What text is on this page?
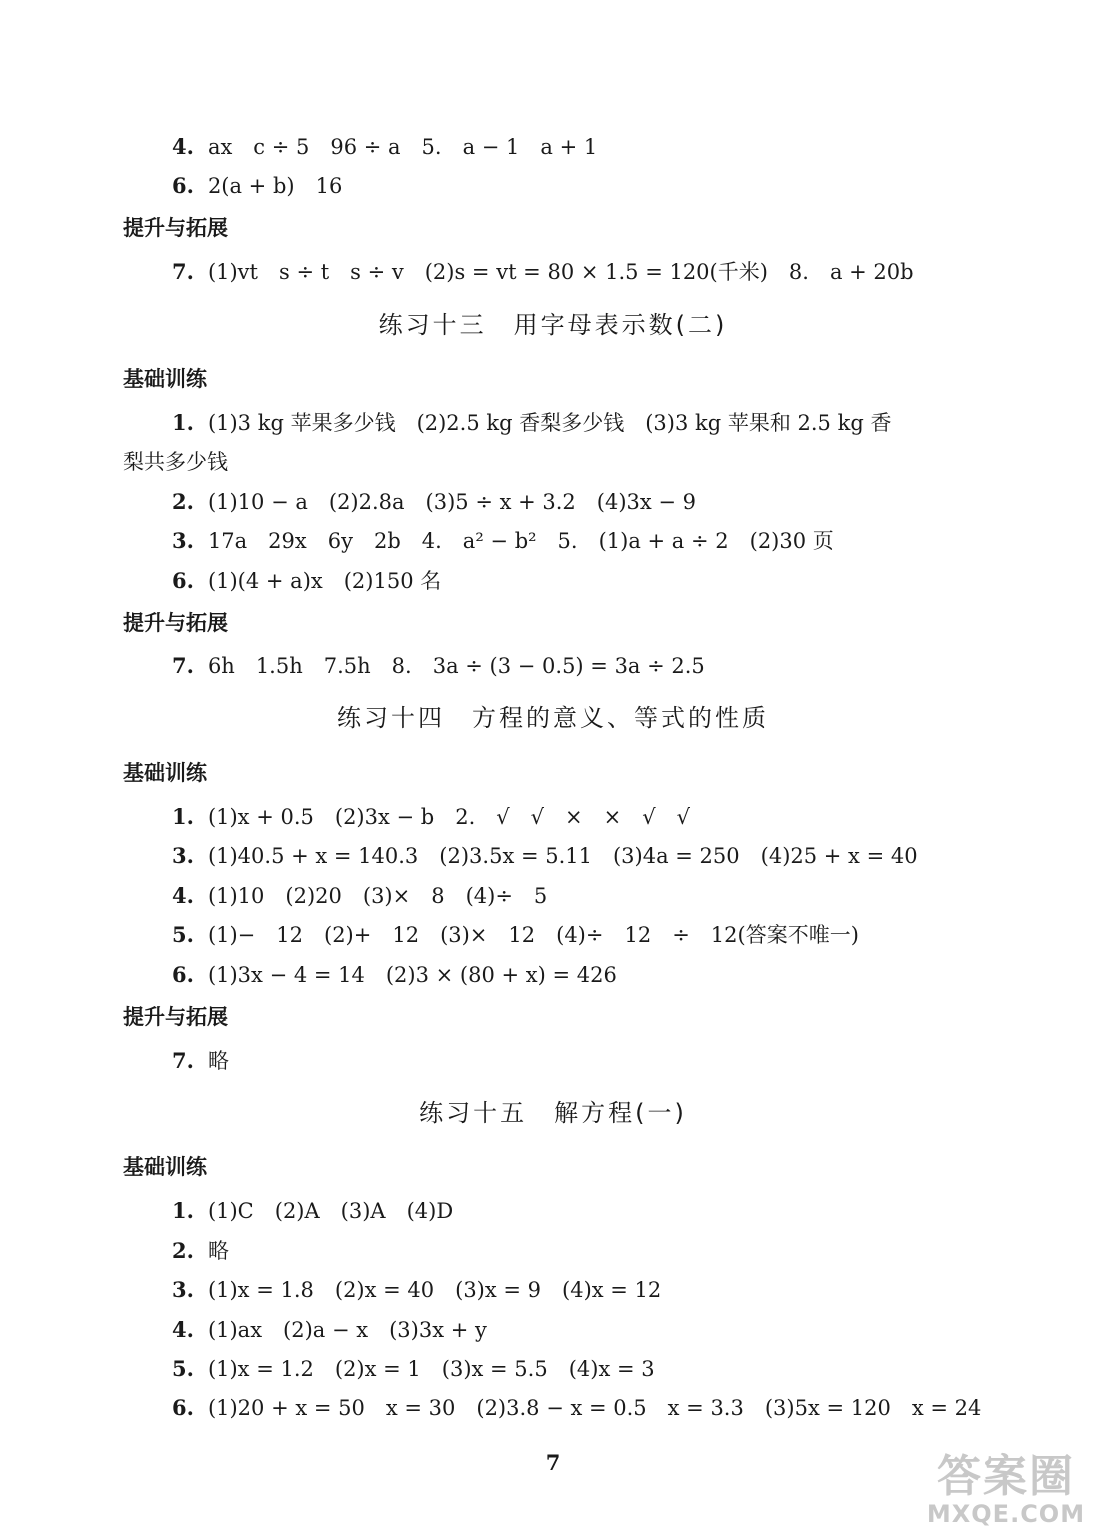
4. ax　c ÷ 5　96 ÷ a　5.　a − 1　a + 1
6. 2(a + b)　16
提升与拓展
7. (1)vt　s ÷ t　s ÷ v　(2)s = vt = 80 × 1.5 = 120(千米)　8.　a + 20b
练习十三　用字母表示数(二)
基础训练
1. (1)3 kg 苹果多少钱　(2)2.5 kg 香梨多少钱　(3)3 kg 苹果和 2.5 kg 香
梨共多少钱
2. (1)10 − a　(2)2.8a　(3)5 ÷ x + 3.2　(4)3x − 9
3. 17a　29x　6y　2b　4.　a² − b²　5.　(1)a + a ÷ 2　(2)30 页
6. (1)(4 + a)x　(2)150 名
提升与拓展
7. 6h　1.5h　7.5h　8.　3a ÷ (3 − 0.5) = 3a ÷ 2.5
练习十四　方程的意义、等式的性质
基础训练
1. (1)x + 0.5　(2)3x − b　2.　√　√　×　×　√　√
3. (1)40.5 + x = 140.3　(2)3.5x = 5.11　(3)4a = 250　(4)25 + x = 40
4. (1)10　(2)20　(3)×　8　(4)÷　5
5. (1)−　12　(2)+　12　(3)×　12　(4)÷　12　÷　12(答案不唯一)
6. (1)3x − 4 = 14　(2)3 × (80 + x) = 426
提升与拓展
7. 略
练习十五　解方程(一)
基础训练
1. (1)C　(2)A　(3)A　(4)D
2. 略
3. (1)x = 1.8　(2)x = 40　(3)x = 9　(4)x = 12
4. (1)ax　(2)a − x　(3)3x + y
5. (1)x = 1.2　(2)x = 1　(3)x = 5.5　(4)x = 3
6. (1)20 + x = 50　x = 30　(2)3.8 − x = 0.5　x = 3.3　(3)5x = 120　x = 24
7	答案圈
MXQE.COM
